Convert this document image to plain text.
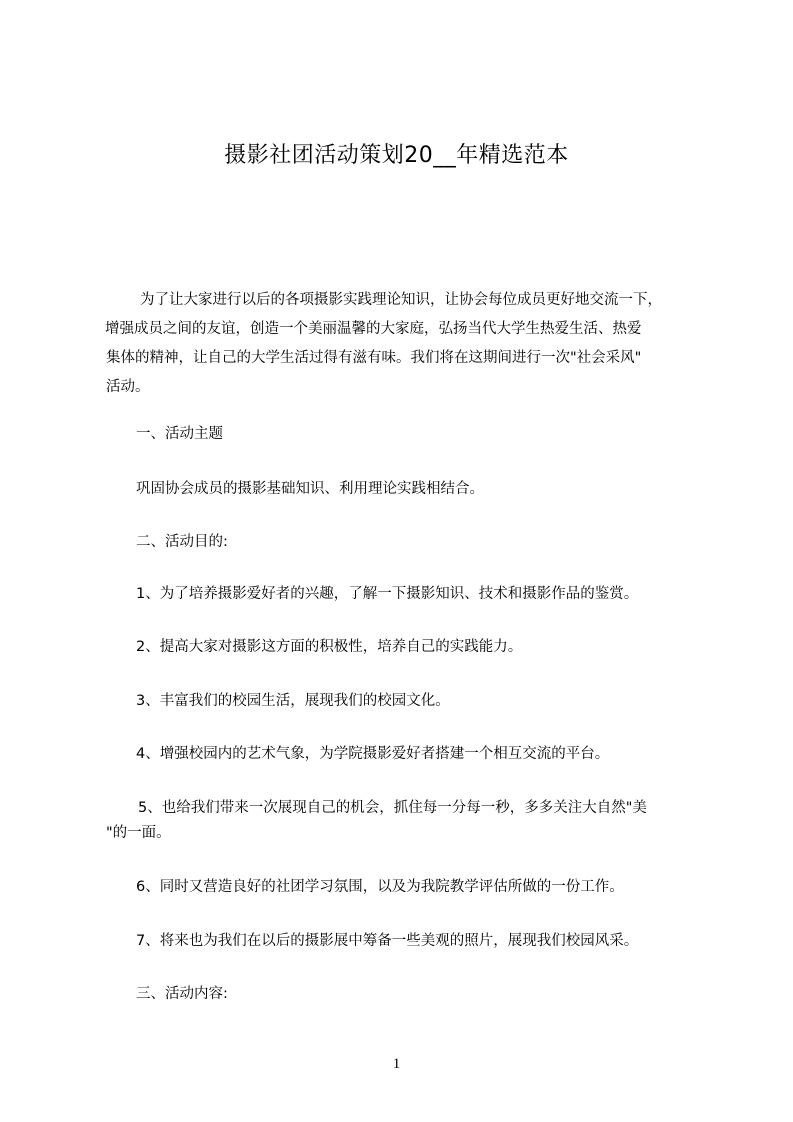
摄影社团活动策划20__年精选范本
为了让大家进行以后的各项摄影实践理论知识，让协会每位成员更好地交流一下，
增强成员之间的友谊，创造一个美丽温馨的大家庭，弘扬当代大学生热爱生活、热爱
集体的精神，让自己的大学生活过得有滋有味。我们将在这期间进行一次"社会采风"
活动。
一、活动主题
巩固协会成员的摄影基础知识、利用理论实践相结合。
二、活动目的:
1、为了培养摄影爱好者的兴趣，了解一下摄影知识、技术和摄影作品的鉴赏。
2、提高大家对摄影这方面的积极性，培养自己的实践能力。
3、丰富我们的校园生活，展现我们的校园文化。
4、增强校园内的艺术气象，为学院摄影爱好者搭建一个相互交流的平台。
5、也给我们带来一次展现自己的机会，抓住每一分每一秒，多多关注大自然"美
"的一面。
6、同时又营造良好的社团学习氛围，以及为我院教学评估所做的一份工作。
7、将来也为我们在以后的摄影展中筹备一些美观的照片，展现我们校园风采。
三、活动内容:
1
